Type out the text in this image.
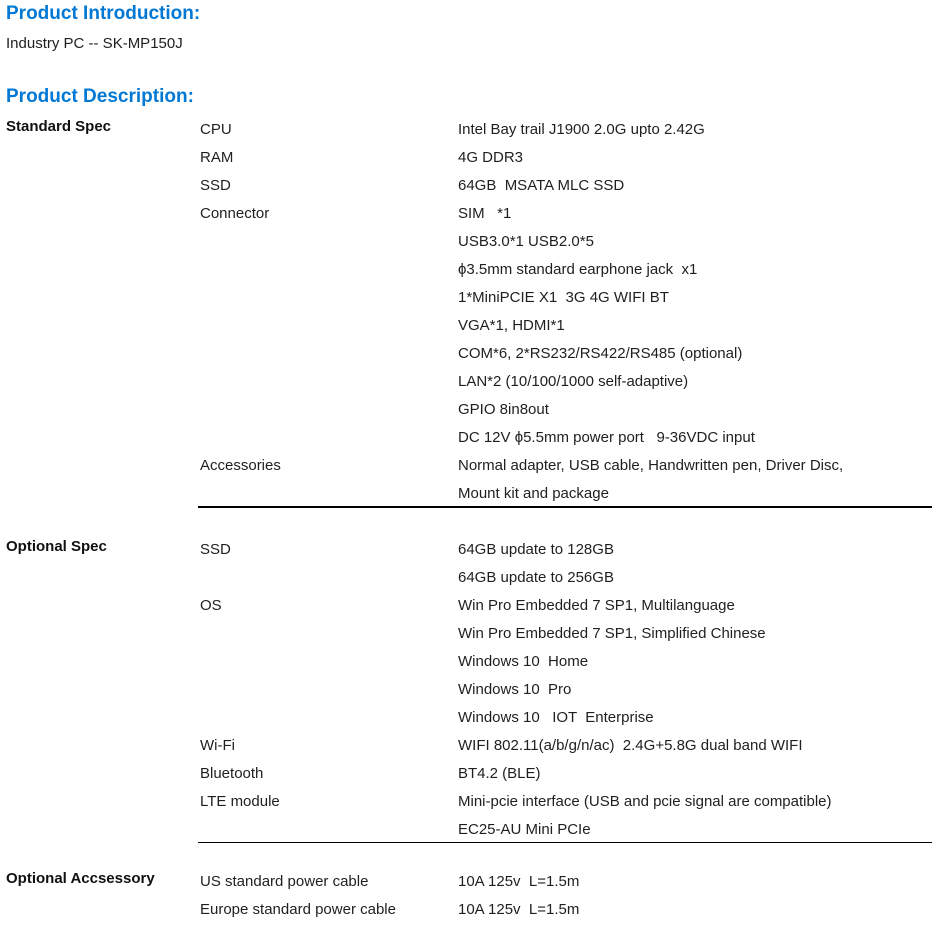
Product Introduction:

Industry PC -- SK-MP150J

Product Description:
Standard Spec	CPU	Intel Bay trail J1900 2.0G upto 2.42G
RAM	4G DDR3
SSD	64GB  MSATA MLC SSD
Connector	SIM   *1
USB3.0*1 USB2.0*5
ϕ3.5mm standard earphone jack  x1
1*MiniPCIE X1  3G 4G WIFI BT
VGA*1, HDMI*1
COM*6, 2*RS232/RS422/RS485 (optional)
LAN*2 (10/100/1000 self-adaptive)
GPIO 8in8out
DC 12V ϕ5.5mm power port   9-36VDC input
Accessories	Normal adapter, USB cable, Handwritten pen, Driver Disc,
Mount kit and package
Optional Spec	SSD	64GB update to 128GB
64GB update to 256GB
OS	Win Pro Embedded 7 SP1, Multilanguage
Win Pro Embedded 7 SP1, Simplified Chinese
Windows 10  Home
Windows 10  Pro
Windows 10   IOT  Enterprise
Wi-Fi	WIFI 802.11(a/b/g/n/ac)  2.4G+5.8G dual band WIFI
Bluetooth	BT4.2 (BLE)
LTE module	Mini-pcie interface (USB and pcie signal are compatible)
EC25-AU Mini PCIe
Optional Accsessory	US standard power cable	10A 125v  L=1.5m
Europe standard power cable	10A 125v  L=1.5m
